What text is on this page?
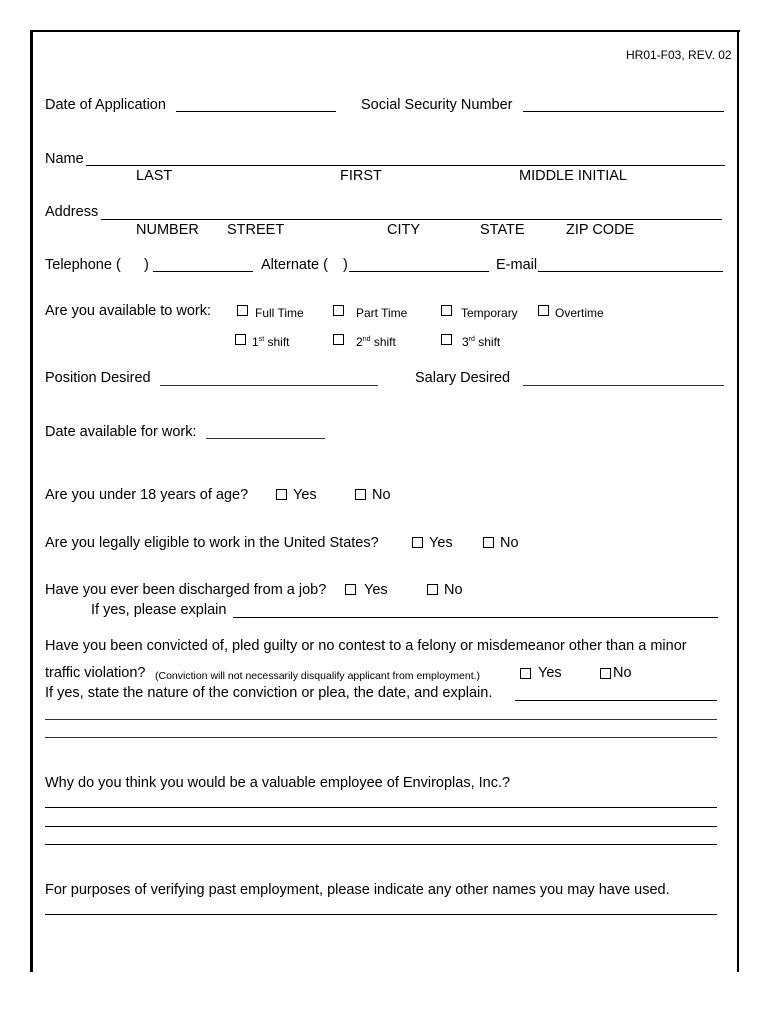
HR01-F03, REV. 02
Date of Application	Social Security Number
Name
LAST	FIRST	MIDDLE INITIAL
Address
NUMBER STREET	CITY	STATE	ZIP CODE
Telephone ( )	Alternate ( )	E-mail
Are you available to work:	Full Time	Part Time	Temporary	Overtime
1st shift	2nd shift	3rd shift
Position Desired	Salary Desired
Date available for work:
Are you under 18 years of age?	Yes	No
Are you legally eligible to work in the United States?	Yes	No
Have you ever been discharged from a job?	Yes	No
If yes, please explain
Have you been convicted of, pled guilty or no contest to a felony or misdemeanor other than a minor
traffic violation? (Conviction will not necessarily disqualify applicant from employment.)	Yes	No
If yes, state the nature of the conviction or plea, the date, and explain.
Why do you think you would be a valuable employee of Enviroplas, Inc.?
For purposes of verifying past employment, please indicate any other names you may have used.
